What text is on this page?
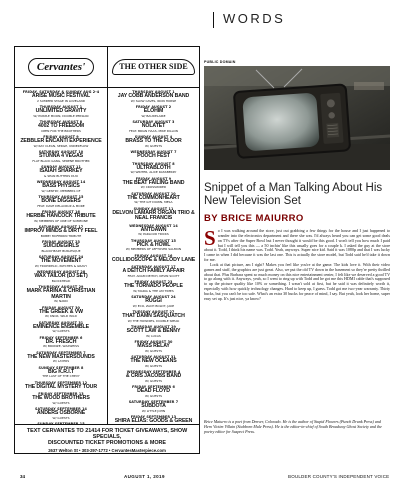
Cervantes'
FRIDAY, SATURDAY & SUNDAY AUG 2-4
ARISE MUSIC FESTIVAL
2 SUMMER STAGE IN LOVELAND
THURSDAY AUGUST 1
UNLIMITED GRAVITY
W/ PURPLE MOON, DOUBLE PERSIAN
THURSDAY AUGUST 8
4002 TO FREEDOM
OPEN FOR THE BROTHERS
FRIDAY AUGUST 9
ZEBBLER ENCANTI EXPERIENCE
W/ RAY CLEAN, SERGE, UNDERFLOW
SATURDAY AUGUST 10
STUNNA 4 VEGAS
FLAT BLACK GANG, SERENE BROTHER
SUNDAY AUGUST 11
ISAIAH SHARKEY
& SEAN BUTTERS DUO
WEDNESDAY AUGUST 14
BASS PHYSICS
W/ GENTRY, MEMBERS OF
THURSDAY AUGUST 15
BONE DIGGERS
FEAT. DAVE DELACRUZ & MORE
FRIDAY AUGUST 16
HERBIE HANCOCK TRIBUTE
W/ MEMBERS OF ONE OF SOMEONE
SATURDAY AUGUST 17
IMPROV MINDS & DIRTY FEEL
BOBBY MCFERRIN TRIBUTE
FRIDAY AUGUST 23
SUICIDEGIRLS
BLACKHEART BURLESQUE
SATURDAY AUGUST 24
THE MOVEMENT
W/ TROPIDELIC, PATCHES & GRAVY
WEDNESDAY AUGUST 28
WAX TAILOR (DJ SET)
BLOCKHEAD
THURSDAY AUGUST 29
MARK FARINA & CHRISTIAN MARTIN
W/ NANO
FRIDAY AUGUST 30
THE GREEK & VW
W/ KNOX, WILD WILD
SATURDAY AUGUST 31
EMINENCE ENSEMBLE
W/ GUESTS
FRIDAY SEPTEMBER 6
DR. FRESCH
W/ BRONZE, WAXWEISS
SATURDAY SEPTEMBER 7
THE NEW MASTERSOUNDS
W/ LAYERS
SUNDAY SEPTEMBER 8
BIG K.R.I.T
THE LAST OF THE CHEVY
THURSDAY SEPTEMBER 12
THE DIGITAL MYSTERY TOUR
FRIDAY SEPTEMBER 13
THE WOOD BROTHERS
W/ GUESTS
SATURDAY SEPTEMBER 14
ANDERS OSBORNE
W/ GUESTS
SUNDAY SEPTEMBER 15
THE OTHER SIDE
THURSDAY AUGUST 1
JAY COBB ANDERSON BAND
W/ SLOW CAVES, IRON HORSE
FRIDAY AUGUST 2
ELOHIM
W/ BAUDELAIRE
SATURDAY AUGUST 3
NOLATET
FEAT. BRIAN HAAS, MIKE DILLON
SUNDAY AUGUST 4
BRASS TO THE FLOOR
W/ GUESTS
WEDNESDAY AUGUST 7
POOCH FEST
THURSDAY AUGUST 8
ULTRABLOTH
W/ WRITER, ALICE RASSBERRY
FRIDAY AUGUST 9
THE BEAT FAILING BAND
W/ CROSSWIRED
SATURDAY AUGUST 10
THE COMMONHEART
W/ THE GIT DOWN, MESA
SUNDAY AUGUST 11
DELVON LAMARR ORGAN TRIO & NEAL FRANCIS
WEDNESDAY AUGUST 14
ANTDAWN
W/ PARLOUR TRICKS
THURSDAY AUGUST 15
PICK & HOWL
W/ MEMBERS OF LEFTOVER SALMON
FRIDAY AUGUST 16
COLLIDOSCOPE & MELODY LANE
SATURDAY AUGUST 17
A DEITCH FAMILY AFFAIR
FEAT. ADAM DEITCH, KEVIN SCOTT
FRIDAY AUGUST 23
THE TORNADO PEOPLE
W/ MARIA & THE AM TIMES
SATURDAY AUGUST 24
RUGGI
W/ ECO, ZACH BOLDT, JAKE
TUESDAY AUGUST 27
THAT DAMN SASQUATCH
W/ THE HOWDIES, DOUBLE SPEAK
THURSDAY AUGUST 29
SCOTT LAW & BENNY
W/ LUCAS
FRIDAY AUGUST 30
MASS RELAY
W/ GUESTS
SATURDAY AUGUST 31
THE NEW OCEANS
W/ GUESTS
WEDNESDAY SEPTEMBER 4
& CRIS JACOBS BAND
W/ GUESTS
FRIDAY SEPTEMBER 6
DEAD FLOYD
W/ GUESTS
SATURDAY SEPTEMBER 7
SUBDOTA
W/ LITTLE JOHN
FRIDAY SEPTEMBER 13
SHIRA ELIAS: GOODS & GREEN
TEXT CERVANTES TO 21414 FOR TICKET GIVEAWAYS, SHOW SPECIALS,
DISCOUNTED TICKET PROMOTIONS & MORE
2637 Welton St • 303-297-1772 • CervantesMasterpiece.com
WORDS
PUBLIC DOMAIN
Snippet of a Man Talking About His New Television Set
BY BRICE MAIURRO
S o I was walking around the store, just out grabbing a few things for the house and I just happened to wander into the electronics department and there she was. I'd always heard you can get some good deals on TVs after the Super Bowl but I never thought it would be this good. I won't tell you how much I paid but I will tell you this — a 50 inchin' like this usually goes for a couple k. I asked the guy at the store about it. Todd, I think his name was. Todd. Yeah, anyways. Super nice kid. Said it was 1080p and that I was lucky I came in when I did because it was the last one. This is actually the store model, but Todd said he'd take it down for me.

Look at that picture, am I right? Makes you feel like you're at the game. The kids love it. With their video games and stuff, the graphics are just great. Also, we put the old TV down in the basement so they're pretty thrilled about that. Plus Barbara spent so much money on this nice entertainment center, I felt like we deserved a good TV to go along with it. Anyways, yeah, so I went to ring up with Todd and he got me this HDMI cable that's supposed to up the picture quality like 10% or something. I wasn't sold at first, but he said it was definitely worth it, especially with how quickly technology changes. Hard to keep up, I guess. Todd got me two-year warranty. Thirty bucks, but you can't be too safe. What's an extra 30 bucks for peace of mind, I say. But yeah, look her home, super easy set up. It's just nice, ya know?

Brice Maiurro is a poet from Denver, Colorado. He is the author of Stupid Flowers (Punch Drunk Press) and Hero Victim Villain (Stubborn Mule Press). He is the editor-in-chief of South Broadway Ghost Society and the poetry editor for Suspect Press.
34	AUGUST 1, 2019	BOULDER COUNTY'S INDEPENDENT VOICE
